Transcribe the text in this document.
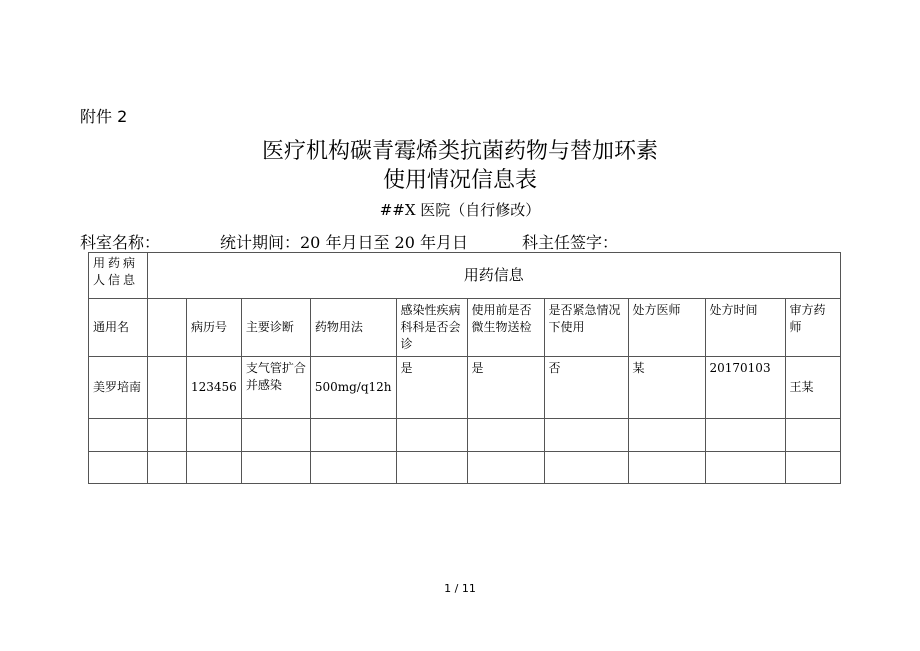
附件 2
医疗机构碳青霉烯类抗菌药物与替加环素
使用情况信息表
##X 医院（自行修改）
科室名称：	统计期间：20 年月日至 20 年月日	科主任签字：
用药病人信息	用药信息									
通用名		病历号	主要诊断	药物用法	感染性疾病科科是否会诊	使用前是否微生物送检	是否紧急情况下使用	处方医师	处方时间	审方药师
美罗培南		123456	支气管扩合并感染	500mg/q12h	是	是	否	某	20170103	王某

1 / 11
